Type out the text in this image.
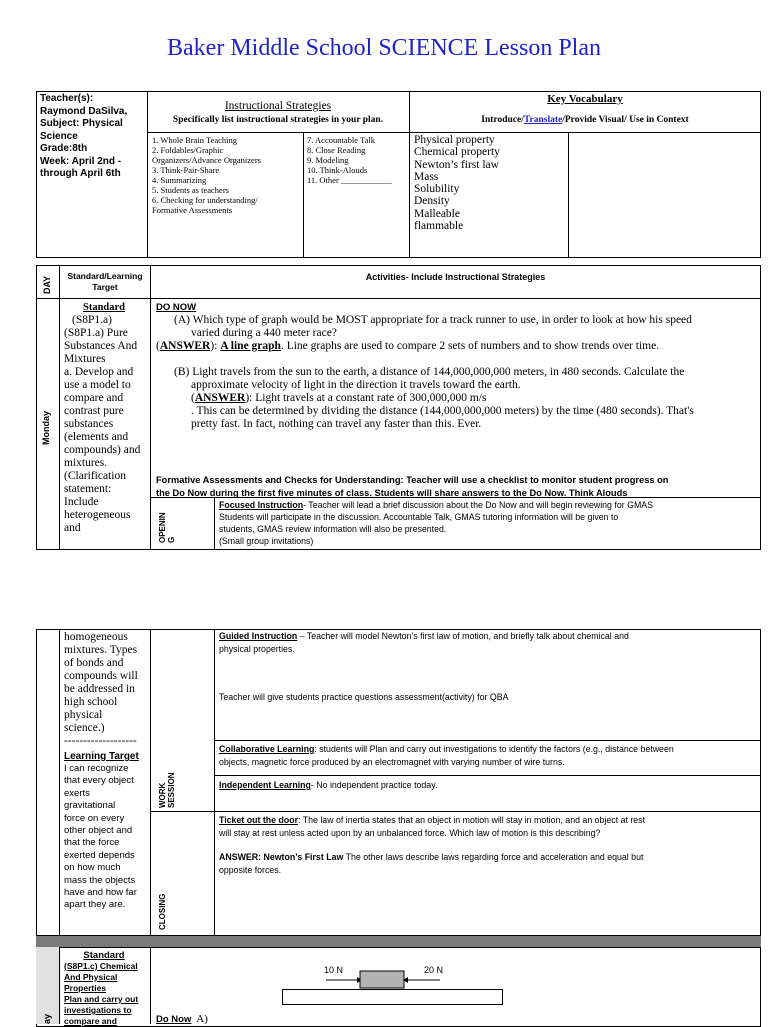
Baker Middle School SCIENCE Lesson Plan
Teacher(s):
Raymond DaSilva,
Subject: Physical
Science
Grade:8th
Week: April 2nd -
through April 6th
Instructional Strategies
Specifically list instructional strategies in your plan.
1. Whole Brain Teaching
2. Foldables/Graphic
Organizers/Advance Organizers
3. Think-Pair-Share
4. Summarizing
5. Students as teachers
6. Checking for understanding/
Formative Assessments
7. Accountable Talk
8. Close Reading
9. Modeling
10. Think-Alouds
11. Other ____________
Key Vocabulary
Introduce/Translate/Provide Visual/ Use in Context
Physical property
Chemical property
Newton’s first law
Mass
Solubility
Density
Malleable
flammable
DAY	Standard/Learning Target
Activities- Include Instructional Strategies
Monday
Standard
(S8P1.a)
(S8P1.a) Pure
Substances And
Mixtures
a. Develop and
use a model to
compare and
contrast pure
substances
(elements and
compounds) and
mixtures.
(Clarification
statement:
Include
heterogeneous
and
DO NOW
(A) Which type of graph would be MOST appropriate for a track runner to use, in order to look at how his speed
varied during a 440 meter race?
(ANSWER): A line graph. Line graphs are used to compare 2 sets of numbers and to show trends over time.
(B) Light travels from the sun to the earth, a distance of 144,000,000,000 meters, in 480 seconds. Calculate the
approximate velocity of light in the direction it travels toward the earth.
(ANSWER): Light travels at a constant rate of 300,000,000 m/s
. This can be determined by dividing the distance (144,000,000,000 meters) by the time (480 seconds). That's
pretty fast. In fact, nothing can travel any faster than this. Ever.
Formative Assessments and Checks for Understanding: Teacher will use a checklist to monitor student progress on
the Do Now during the first five minutes of class. Students will share answers to the Do Now. Think Alouds
OPENIN G
Focused Instruction- Teacher will lead a brief discussion about the Do Now and will begin reviewing for GMAS
Students will participate in the discussion. Accountable Talk, GMAS tutoring information will be given to
students, GMAS review information will also be presented.
(Small group invitations)
homogeneous
mixtures. Types
of bonds and
compounds will
be addressed in
high school
physical
science.)
-------------------
Learning Target
I can recognize
that every object
exerts
gravitational
force on every
other object and
that the force
exerted depends
on how much
mass the objects
have and how far
apart they are.
Guided Instruction – Teacher will model Newton’s first law of motion, and briefly talk about chemical and
physical properties.
Teacher will give students practice questions assessment(activity) for QBA
WORK SESSION
Collaborative Learning: students will Plan and carry out investigations to identify the factors (e.g., distance between
objects, magnetic force produced by an electromagnet with varying number of wire turns.
Independent Learning- No independent practice today.
CLOSING
Ticket out the door: The law of inertia states that an object in motion will stay in motion, and an object at rest
will stay at rest unless acted upon by an unbalanced force. Which law of motion is this describing?
ANSWER: Newton’s First Law The other laws describe laws regarding force and acceleration and equal but
opposite forces.
ay
Standard
(S8P1.c) Chemical
And Physical
Properties
Plan and carry out
investigations to
compare and
10 N	20 N
Do Now A)
